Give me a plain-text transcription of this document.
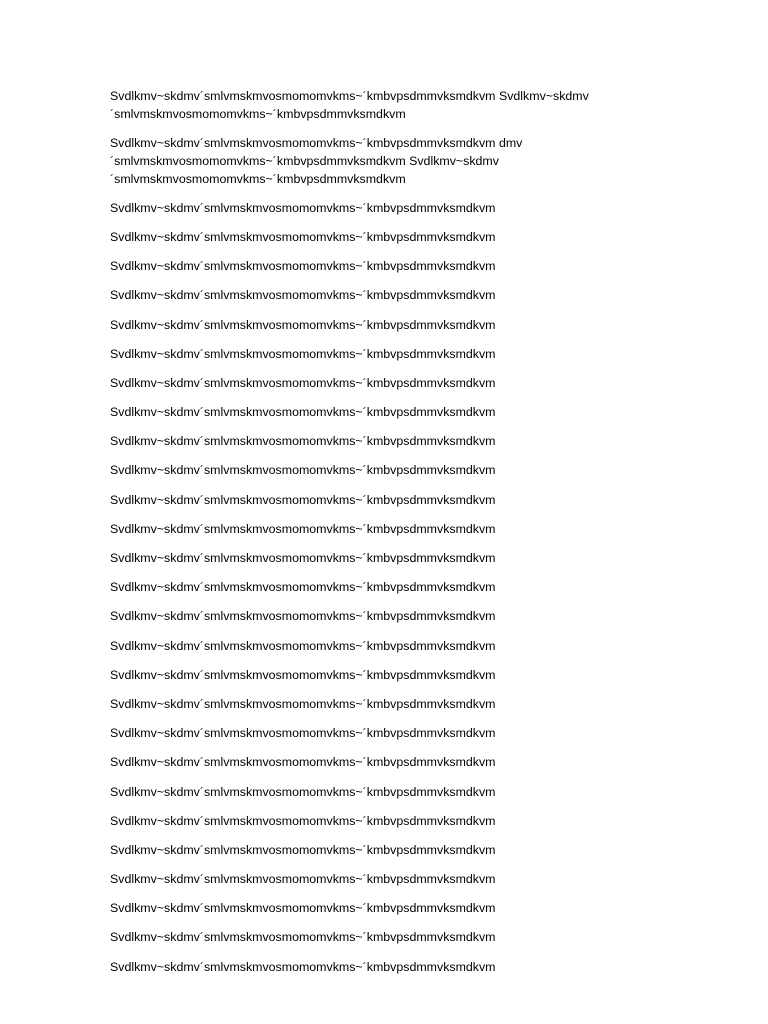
Svdlkmv~skdmv´smlvmskmvosmomomvkms~´kmbvpsdmmvksmdkvm Svdlkmv~skdmv
´smlvmskmvosmomomvkms~´kmbvpsdmmvksmdkvm

Svdlkmv~skdmv´smlvmskmvosmomomvkms~´kmbvpsdmmvksmdkvm dmv
´smlvmskmvosmomomvkms~´kmbvpsdmmvksmdkvm Svdlkmv~skdmv
´smlvmskmvosmomomvkms~´kmbvpsdmmvksmdkvm

Svdlkmv~skdmv´smlvmskmvosmomomvkms~´kmbvpsdmmvksmdkvm

Svdlkmv~skdmv´smlvmskmvosmomomvkms~´kmbvpsdmmvksmdkvm

Svdlkmv~skdmv´smlvmskmvosmomomvkms~´kmbvpsdmmvksmdkvm

Svdlkmv~skdmv´smlvmskmvosmomomvkms~´kmbvpsdmmvksmdkvm

Svdlkmv~skdmv´smlvmskmvosmomomvkms~´kmbvpsdmmvksmdkvm

Svdlkmv~skdmv´smlvmskmvosmomomvkms~´kmbvpsdmmvksmdkvm

Svdlkmv~skdmv´smlvmskmvosmomomvkms~´kmbvpsdmmvksmdkvm

Svdlkmv~skdmv´smlvmskmvosmomomvkms~´kmbvpsdmmvksmdkvm

Svdlkmv~skdmv´smlvmskmvosmomomvkms~´kmbvpsdmmvksmdkvm

Svdlkmv~skdmv´smlvmskmvosmomomvkms~´kmbvpsdmmvksmdkvm

Svdlkmv~skdmv´smlvmskmvosmomomvkms~´kmbvpsdmmvksmdkvm

Svdlkmv~skdmv´smlvmskmvosmomomvkms~´kmbvpsdmmvksmdkvm

Svdlkmv~skdmv´smlvmskmvosmomomvkms~´kmbvpsdmmvksmdkvm

Svdlkmv~skdmv´smlvmskmvosmomomvkms~´kmbvpsdmmvksmdkvm

Svdlkmv~skdmv´smlvmskmvosmomomvkms~´kmbvpsdmmvksmdkvm

Svdlkmv~skdmv´smlvmskmvosmomomvkms~´kmbvpsdmmvksmdkvm

Svdlkmv~skdmv´smlvmskmvosmomomvkms~´kmbvpsdmmvksmdkvm

Svdlkmv~skdmv´smlvmskmvosmomomvkms~´kmbvpsdmmvksmdkvm

Svdlkmv~skdmv´smlvmskmvosmomomvkms~´kmbvpsdmmvksmdkvm

Svdlkmv~skdmv´smlvmskmvosmomomvkms~´kmbvpsdmmvksmdkvm

Svdlkmv~skdmv´smlvmskmvosmomomvkms~´kmbvpsdmmvksmdkvm

Svdlkmv~skdmv´smlvmskmvosmomomvkms~´kmbvpsdmmvksmdkvm

Svdlkmv~skdmv´smlvmskmvosmomomvkms~´kmbvpsdmmvksmdkvm

Svdlkmv~skdmv´smlvmskmvosmomomvkms~´kmbvpsdmmvksmdkvm

Svdlkmv~skdmv´smlvmskmvosmomomvkms~´kmbvpsdmmvksmdkvm

Svdlkmv~skdmv´smlvmskmvosmomomvkms~´kmbvpsdmmvksmdkvm

Svdlkmv~skdmv´smlvmskmvosmomomvkms~´kmbvpsdmmvksmdkvm
